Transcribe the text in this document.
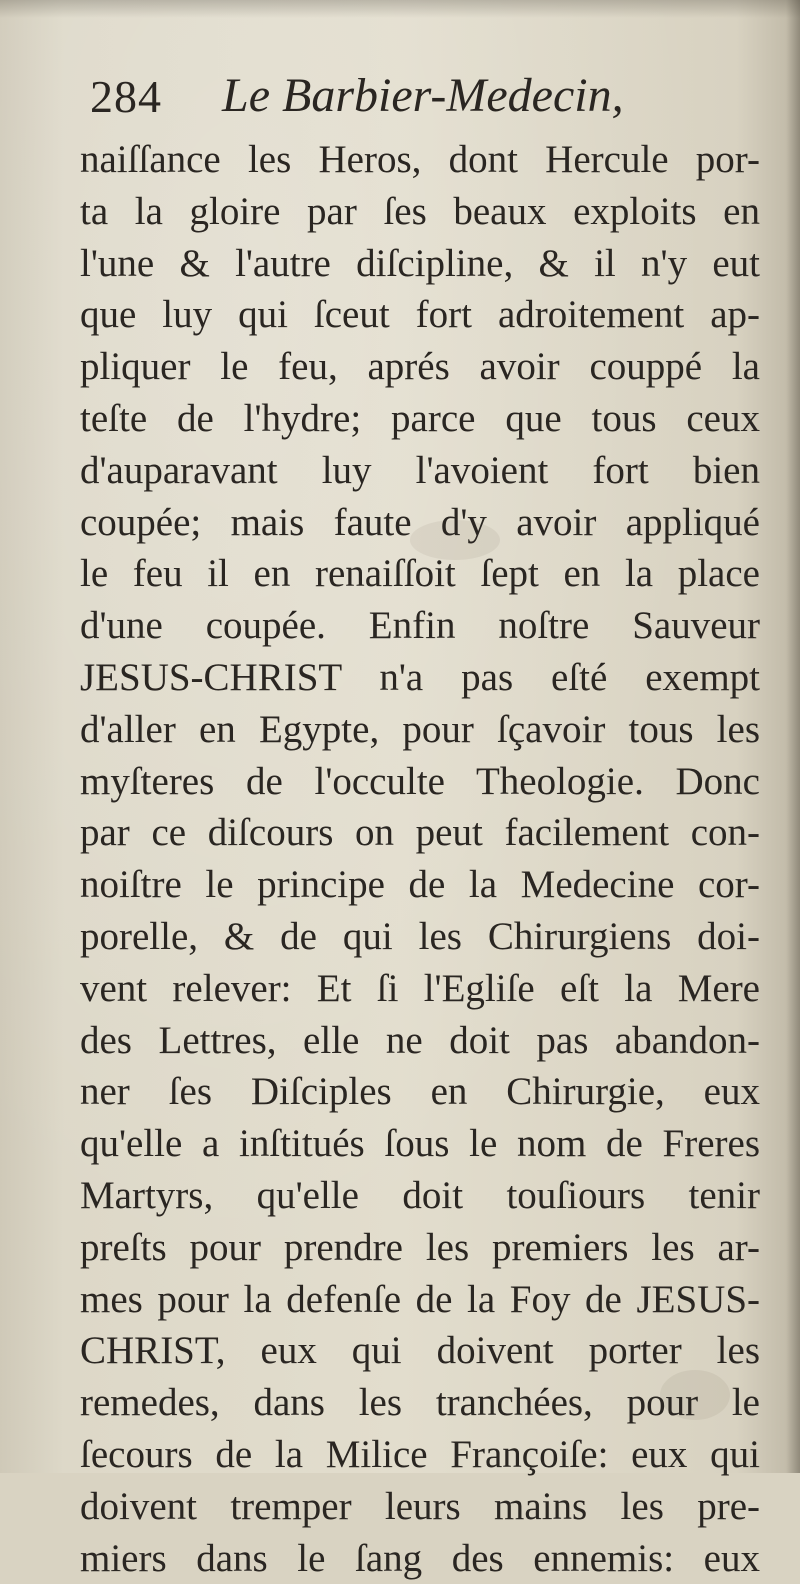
284 Le Barbier-Medecin,
naiſſance les Heros, dont Hercule por-
ta la gloire par ſes beaux exploits en
l'une & l'autre diſcipline, & il n'y eut
que luy qui ſceut fort adroitement ap-
pliquer le feu, aprés avoir couppé la
teſte de l'hydre; parce que tous ceux
d'auparavant luy l'avoient fort bien
coupée; mais faute d'y avoir appliqué
le feu il en renaiſſoit ſept en la place
d'une coupée. Enfin noſtre Sauveur
JESUS-CHRIST n'a pas eſté exempt
d'aller en Egypte, pour ſçavoir tous les
myſteres de l'occulte Theologie. Donc
par ce diſcours on peut facilement con-
noiſtre le principe de la Medecine cor-
porelle, & de qui les Chirurgiens doi-
vent relever: Et ſi l'Egliſe eſt la Mere
des Lettres, elle ne doit pas abandon-
ner ſes Diſciples en Chirurgie, eux
qu'elle a inſtitués ſous le nom de Freres
Martyrs, qu'elle doit touſiours tenir
preſts pour prendre les premiers les ar-
mes pour la defenſe de la Foy de JESUS-
CHRIST, eux qui doivent porter les
remedes, dans les tranchées, pour le
ſecours de la Milice Françoiſe: eux qui
doivent tremper leurs mains les pre-
miers dans le ſang des ennemis: eux
